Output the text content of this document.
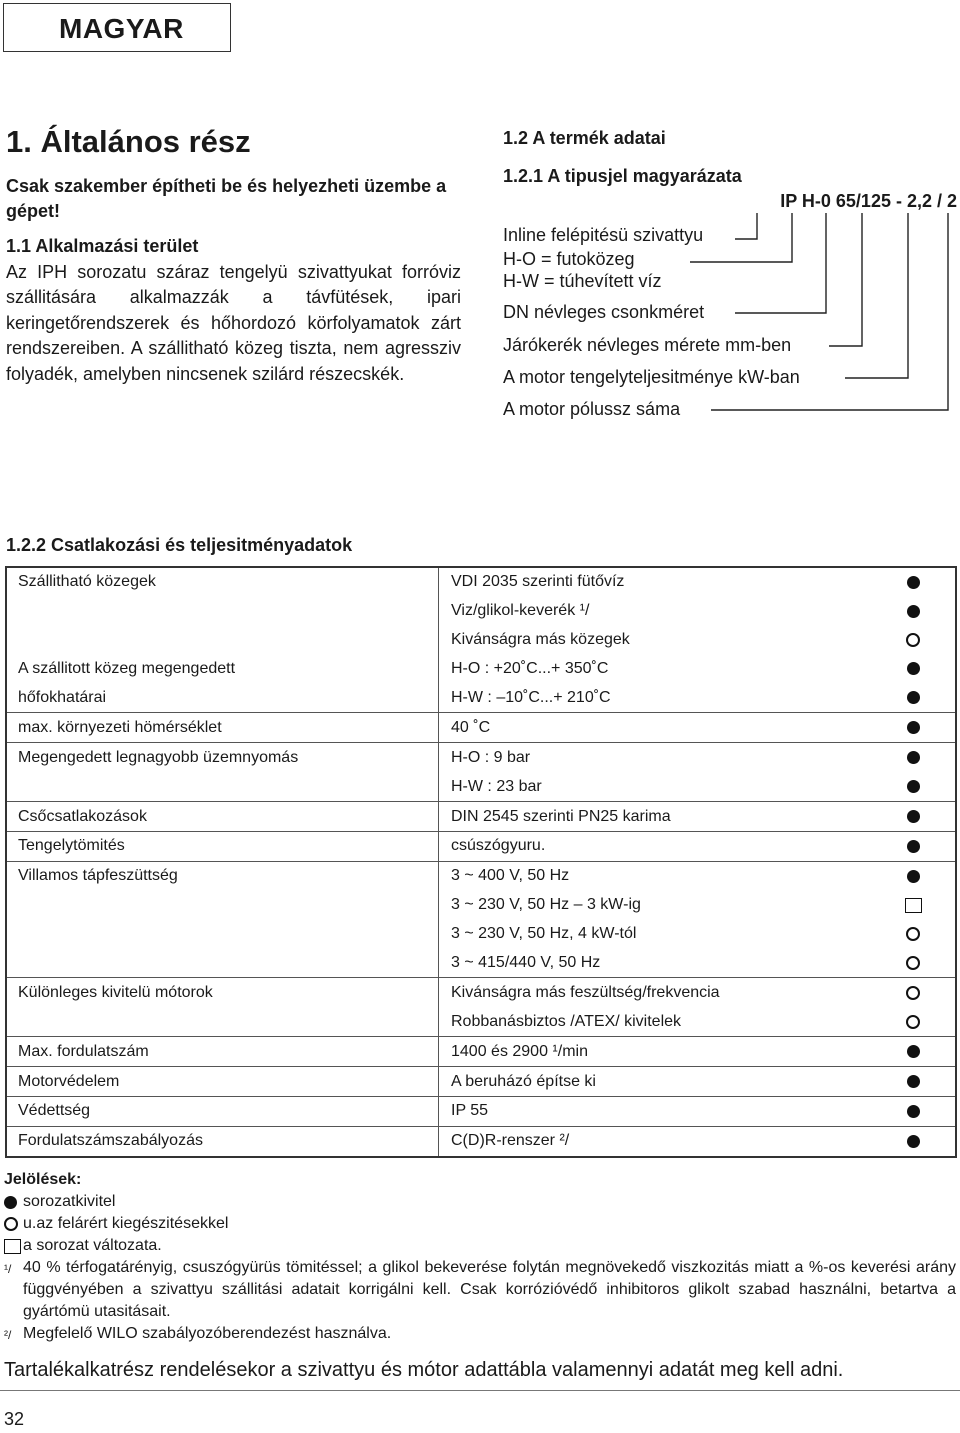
MAGYAR
1. Általános rész
Csak szakember építheti be és helyezheti üzembe a gépet!
1.1 Alkalmazási terület

Az IPH sorozatu száraz tengelyü szivattyukat forróviz szállitására alkalmazzák a távfütések, ipari keringetőrendszerek és hőhordozó körfolyamatok zárt rendszereiben. A szállitható közeg tiszta, nem agressziv folyadék, amelyben nincsenek szilárd részecskék.

1.2 A termék adatai
1.2.1 A tipusjel magyarázata
IP H-0 65/125 - 2,2 / 2
Inline felépitésü szivattyu
H-O = futoközeg
H-W = túhevített víz
DN névleges csonkméret
Járókerék névleges mérete mm-ben
A motor tengelyteljesitménye kW-ban
A motor pólussz sáma
1.2.2 Csatlakozási és teljesitményadatok
Szállitható közegek	VDI 2035 szerinti fütővíz	
	Viz/glikol-keverék ¹/	
	Kivánságra más közegek	
A szállitott közeg megengedett	H-O : +20˚C...+ 350˚C	
hőfokhatárai	H-W : –10˚C...+ 210˚C	
max. környezeti hömérséklet	40 ˚C	
Megengedett legnagyobb üzemnyomás	H-O : 9 bar	
	H-W : 23 bar	
Csőcsatlakozások	DIN 2545 szerinti PN25 karima	
Tengelytömités	csúszógyuru.	
Villamos tápfeszüttség	3 ~ 400 V, 50 Hz	
	3 ~ 230 V, 50 Hz – 3 kW-ig	
	3 ~ 230 V, 50 Hz, 4 kW-tól	
	3 ~ 415/440 V, 50 Hz	
Különleges kivitelü mótorok	Kivánságra más feszültség/frekvencia	
	Robbanásbiztos /ATEX/ kivitelek	
Max. fordulatszám	1400 és 2900 ¹/min	
Motorvédelem	A beruházó építse ki	
Védettség	IP 55	
Fordulatszámszabályozás	C(D)R-renszer ²/	
Jelölések:
sorozatkivitel
u.az felárért kiegészitésekkel
a sorozat változata.
¹/ 40 % térfogatárényig, csuszógyürüs tömitéssel; a glikol bekeverése folytán megnövekedő viszkozitás miatt a %-os keverési arány függvényében a szivattyu szállitási adatait korrigálni kell. Csak korrózióvédő inhibitoros glikolt szabad használni, betartva a gyártómü utasitásait.
²/ Megfelelő WILO szabályozóberendezést használva.
Tartalékalkatrész rendelésekor a szivattyu és mótor adattábla valamennyi adatát meg kell adni.
32
